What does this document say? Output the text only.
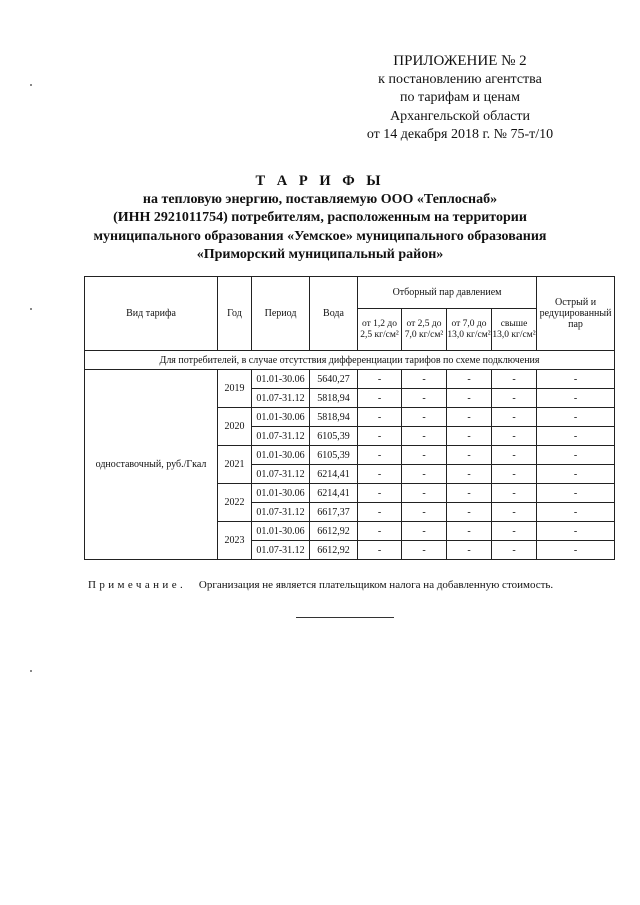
ПРИЛОЖЕНИЕ № 2
к постановлению агентства
по тарифам и ценам
Архангельской области
от 14 декабря 2018 г. № 75-т/10
Т А Р И Ф Ы
на тепловую энергию, поставляемую ООО «Теплоснаб»
(ИНН 2921011754) потребителям, расположенным на территории
муниципального образования «Уемское» муниципального образования
«Приморский муниципальный район»
Вид тарифа	Год	Период	Вода	Отборный пар давлением				Острый и редуцированный пар
				от 1,2 до 2,5 кг/см²	от 2,5 до 7,0 кг/см²	от 7,0 до 13,0 кг/см²	свыше 13,0 кг/см²	
Для потребителей, в случае отсутствия дифференциации тарифов по схеме подключения								
одноставочный, руб./Гкал	2019	01.01-30.06	5640,27	-	-	-	-	-
		01.07-31.12	5818,94	-	-	-	-	-
	2020	01.01-30.06	5818,94	-	-	-	-	-
		01.07-31.12	6105,39	-	-	-	-	-
	2021	01.01-30.06	6105,39	-	-	-	-	-
		01.07-31.12	6214,41	-	-	-	-	-
	2022	01.01-30.06	6214,41	-	-	-	-	-
		01.07-31.12	6617,37	-	-	-	-	-
	2023	01.01-30.06	6612,92	-	-	-	-	-
		01.07-31.12	6612,92	-	-	-	-	-
Примечание. Организация не является плательщиком налога на добавленную стоимость.
